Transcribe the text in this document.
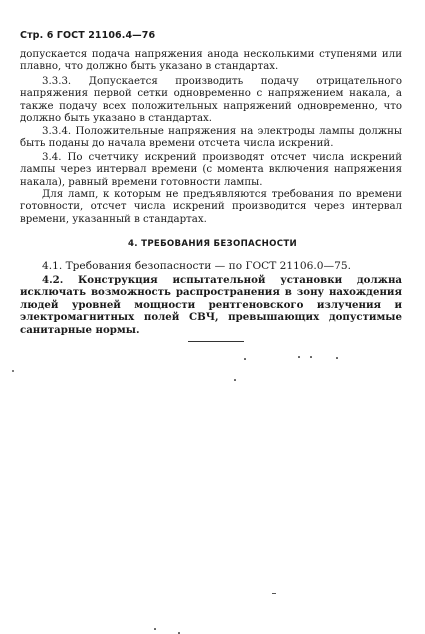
Стр. 6 ГОСТ 21106.4—76

допускается подача напряжения анода несколькими ступенями или плавно, что должно быть указано в стандартах.

3.3.3. Допускается производить подачу отрицательного напряжения первой сетки одновременно с напряжением накала, а также подачу всех положительных напряжений одновременно, что должно быть указано в стандартах.

3.3.4. Положительные напряжения на электроды лампы должны быть поданы до начала времени отсчета числа искрений.

3.4. По счетчику искрений производят отсчет числа искрений лампы через интервал времени (с момента включения напряжения накала), равный времени готовности лампы.

Для ламп, к которым не предъявляются требования по времени готовности, отсчет числа искрений производится через интервал времени, указанный в стандартах.

4. ТРЕБОВАНИЯ БЕЗОПАСНОСТИ

4.1. Требования безопасности — по ГОСТ 21106.0—75.

4.2. Конструкция испытательной установки должна исключать возможность распространения в зону нахождения людей уровней мощности рентгеновского излучения и электромагнитных полей СВЧ, превышающих допустимые санитарные нормы.
